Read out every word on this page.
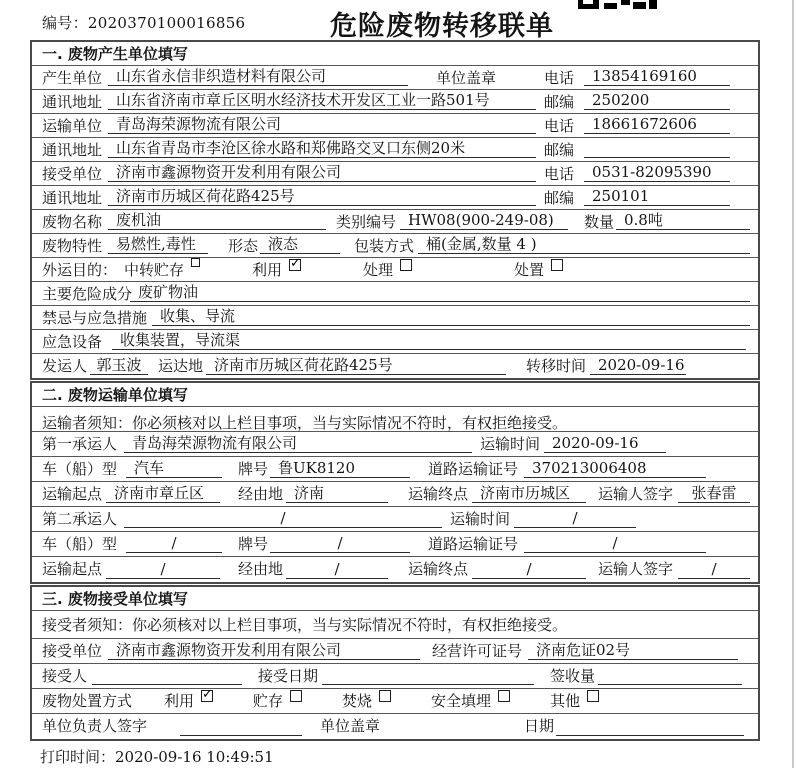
编号：2020370100016856	危险废物转移联单
一. 废物产生单位填写
产生单位 山东省永信非织造材料有限公司	单位盖章	电话	13854169160
通讯地址 山东省济南市章丘区明水经济技术开发区工业一路501号	邮编	250200
运输单位 青岛海荣源物流有限公司	电话	18661672606
通讯地址 山东省青岛市李沧区徐水路和郑佛路交叉口东侧20米	邮编
接受单位 济南市鑫源物资开发利用有限公司	电话	0531-82095390
通讯地址 济南市历城区荷花路425号	邮编	250101
废物名称 废机油	类别编号 HW08(900-249-08)	数量 0.8吨
废物特性 易燃性,毒性	形态 液态	包装方式 桶(金属,数量 4 )
外运目的： 中转贮存	利用 ✓	处理	处置
主要危险成分 废矿物油
禁忌与应急措施 收集、导流
应急设备	收集装置，导流渠
发运人 郭玉波	运达地 济南市历城区荷花路425号	转移时间 2020-09-16
二. 废物运输单位填写
运输者须知： 你必须核对以上栏目事项，当与实际情况不符时，有权拒绝接受。
第一承运人 青岛海荣源物流有限公司	运输时间 2020-09-16
车（船）型	汽车	牌号 鲁UK8120	道路运输证号 370213006408
运输起点 济南市章丘区	经由地 济南	运输终点 济南市历城区	运输人签字	张春雷
第二承运人	/	运输时间	/
车（船）型	/	牌号	/	道路运输证号	/
运输起点	/	经由地	/	运输终点	/	运输人签字	/
三. 废物接受单位填写
接受者须知： 你必须核对以上栏目事项，当与实际情况不符时，有权拒绝接受。
接受单位 济南市鑫源物资开发利用有限公司	经营许可证号 济南危证02号
接受人	接受日期	签收量
废物处置方式	利用 ✓	贮存	焚烧	安全填埋	其他
单位负责人签字	单位盖章	日期
打印时间：2020-09-16 10:49:51
